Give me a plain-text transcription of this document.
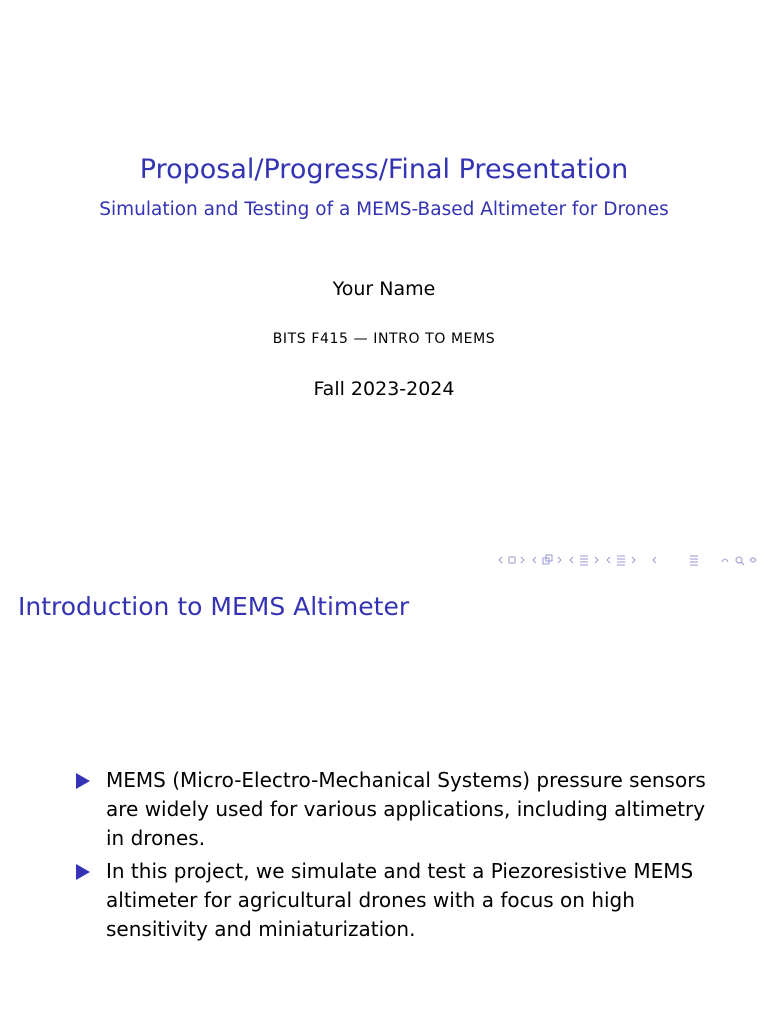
Proposal/Progress/Final Presentation
Simulation and Testing of a MEMS-Based Altimeter for Drones
Your Name
BITS F415 — INTRO TO MEMS
Fall 2023-2024
Introduction to MEMS Altimeter
MEMS (Micro-Electro-Mechanical Systems) pressure sensors are widely used for various applications, including altimetry in drones.
In this project, we simulate and test a Piezoresistive MEMS altimeter for agricultural drones with a focus on high sensitivity and miniaturization.
